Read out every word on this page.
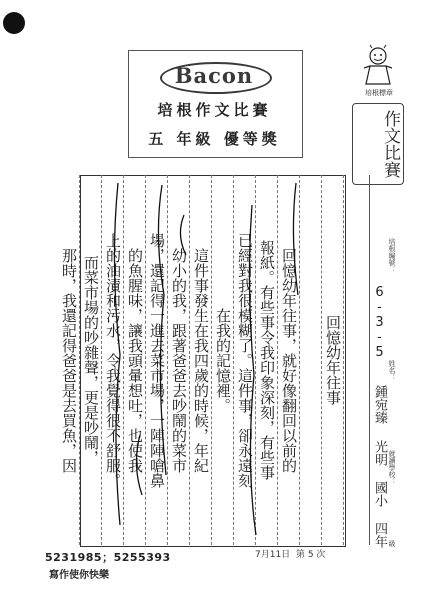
Bacon
培根作文比賽
五 年級 優等獎
培根標章
作文比賽
回憶幼年往事
回憶幼年往事，就好像翻回以前的
報紙。有些事令我印象深刻，有些事
已經對我很模糊了。這件事，卻永遠刻
在我的記憶裡。
這件事發生在我四歲的時候，年紀
幼小的我，跟著爸爸去吵鬧的菜市
場，還記得一進去菜市場，一陣陣嗆鼻
的魚腥味，讓我頭暈想吐，也使我
上的油漬和污水，令我覺得很不舒服。
而菜市場的吵雜聲，更是吵鬧，
那時，我還記得爸爸是去買魚，因	培根編號：
6-3-5
姓名：
鍾宛臻
就讀學校：
光明 國小 四年 級
5231985；5255393
寫作使你快樂
7月11日 第 5 次
